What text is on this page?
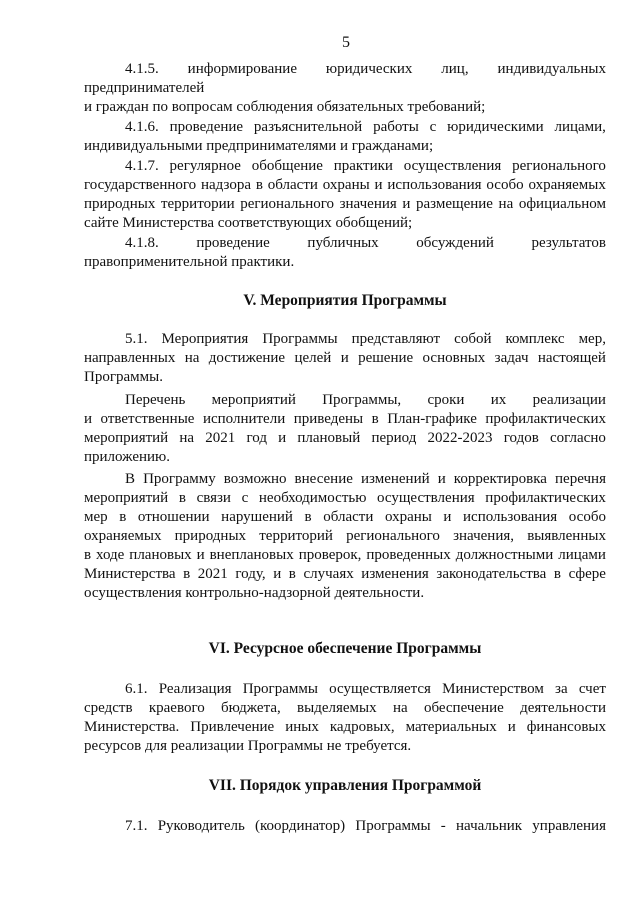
5
4.1.5. информирование юридических лиц, индивидуальных
предпринимателей
и граждан по вопросам соблюдения обязательных требований;
4.1.6. проведение разъяснительной работы с юридическими лицами,
индивидуальными предпринимателями и гражданами;
4.1.7. регулярное обобщение практики осуществления регионального
государственного надзора в области охраны и использования особо охраняемых
природных территории регионального значения и размещение на официальном
сайте Министерства соответствующих обобщений;
4.1.8.	проведение	публичных	обсуждений	результатов
правоприменительной практики.
V. Мероприятия Программы
5.1. Мероприятия Программы представляют собой комплекс мер,
направленных на достижение целей и решение основных задач настоящей
Программы.
Перечень мероприятий Программы, сроки их реализации
и ответственные исполнители приведены в План-графике профилактических
мероприятий на 2021 год и плановый период 2022-2023 годов согласно
приложению.
В Программу возможно внесение изменений и корректировка перечня
мероприятий в связи с необходимостью осуществления профилактических
мер в отношении нарушений в области охраны и использования особо
охраняемых природных территорий регионального значения, выявленных
в ходе плановых и внеплановых проверок, проведенных должностными лицами
Министерства в 2021 году, и в случаях изменения законодательства в сфере
осуществления контрольно-надзорной деятельности.
VI. Ресурсное обеспечение Программы
6.1. Реализация Программы осуществляется Министерством за счет
средств краевого бюджета, выделяемых на обеспечение деятельности
Министерства. Привлечение иных кадровых, материальных и финансовых
ресурсов для реализации Программы не требуется.
VII. Порядок управления Программой
7.1. Руководитель (координатор) Программы - начальник управления
